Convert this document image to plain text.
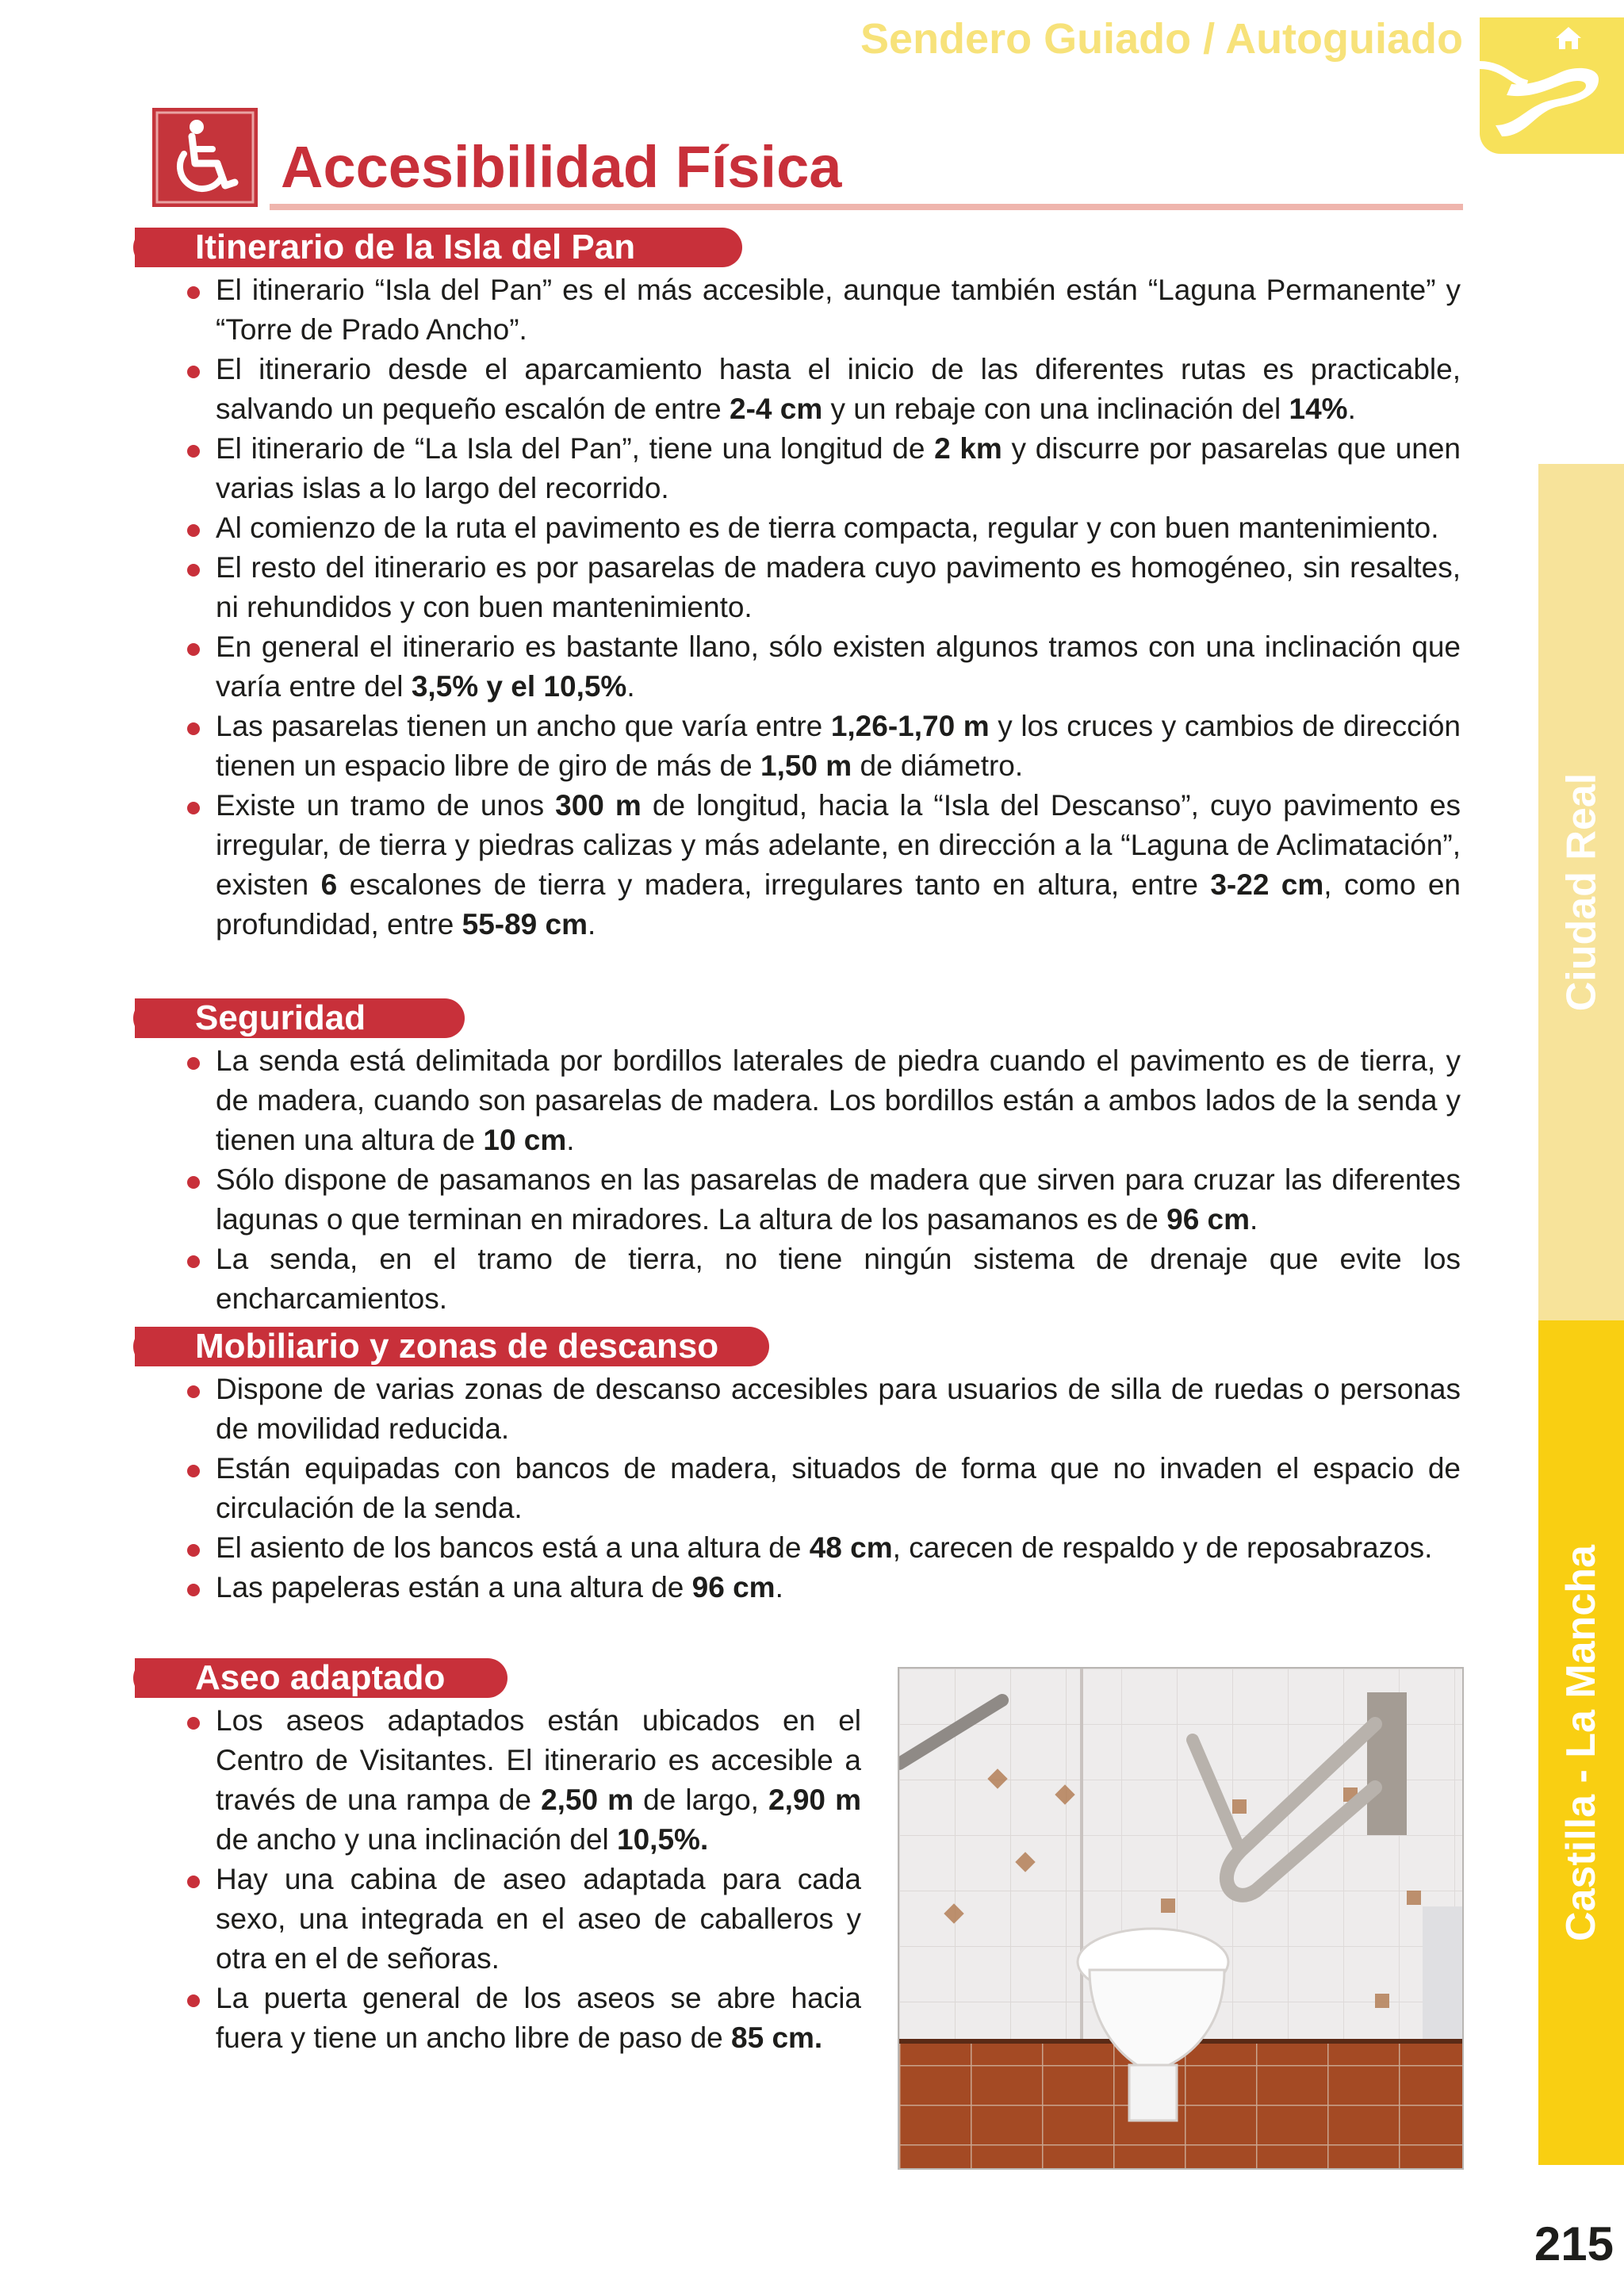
Sendero Guiado / Autoguiado
Accesibilidad Física
Itinerario de la Isla del Pan
El itinerario “Isla del Pan” es el más accesible, aunque también están “Laguna Permanente” y “Torre de Prado Ancho”.
El itinerario desde el aparcamiento hasta el inicio de las diferentes rutas es practicable, salvando un pequeño escalón de entre 2-4 cm y un rebaje con una inclinación del 14%.
El itinerario de “La Isla del Pan”, tiene una longitud de 2 km y discurre por pasarelas que unen varias islas a lo largo del recorrido.
Al comienzo de la ruta el pavimento es de tierra compacta, regular y con buen mantenimiento.
El resto del itinerario es por pasarelas de madera cuyo pavimento es homogéneo, sin resaltes, ni rehundidos y con buen mantenimiento.
En general el itinerario es bastante llano, sólo existen algunos tramos con una inclinación que varía entre del 3,5% y el 10,5%.
Las pasarelas tienen un ancho que varía entre 1,26-1,70 m y los cruces y cambios de dirección tienen un espacio libre de giro de más de 1,50 m de diámetro.
Existe un tramo de unos 300 m de longitud, hacia la “Isla del Descanso”, cuyo pavimento es irregular, de tierra y piedras calizas y más adelante, en dirección a la “Laguna de Aclimatación”, existen 6 escalones de tierra y madera, irregulares tanto en altura, entre 3-22 cm, como en profundidad, entre 55-89 cm.
Seguridad
La senda está delimitada por bordillos laterales de piedra cuando el pavimento es de tierra, y de madera, cuando son pasarelas de madera. Los bordillos están a ambos lados de la senda y tienen una altura de 10 cm.
Sólo dispone de pasamanos en las pasarelas de madera que sirven para cruzar las diferentes lagunas o que terminan en miradores. La altura de los pasamanos es de 96 cm.
La senda, en el tramo de tierra, no tiene ningún sistema de drenaje que evite los encharcamientos.
Mobiliario y zonas de descanso
Dispone de varias zonas de descanso accesibles para usuarios de silla de ruedas o personas de movilidad reducida.
Están equipadas con bancos de madera, situados de forma que no invaden el espacio de circulación de la senda.
El asiento de los bancos está a una altura de 48 cm, carecen de respaldo y de reposabrazos.
Las papeleras están a una altura de 96 cm.
Aseo adaptado
Los aseos adaptados están ubicados en el Centro de Visitantes. El itinerario es accesible a través de una rampa de 2,50 m de largo, 2,90 m de ancho y una inclinación del 10,5%.
Hay una cabina de aseo adaptada para cada sexo, una integrada en el aseo de caballeros y otra en el de señoras.
La puerta general de los aseos se abre hacia fuera y tiene un ancho libre de paso de 85 cm.
Ciudad Real
Castilla - La Mancha
215
